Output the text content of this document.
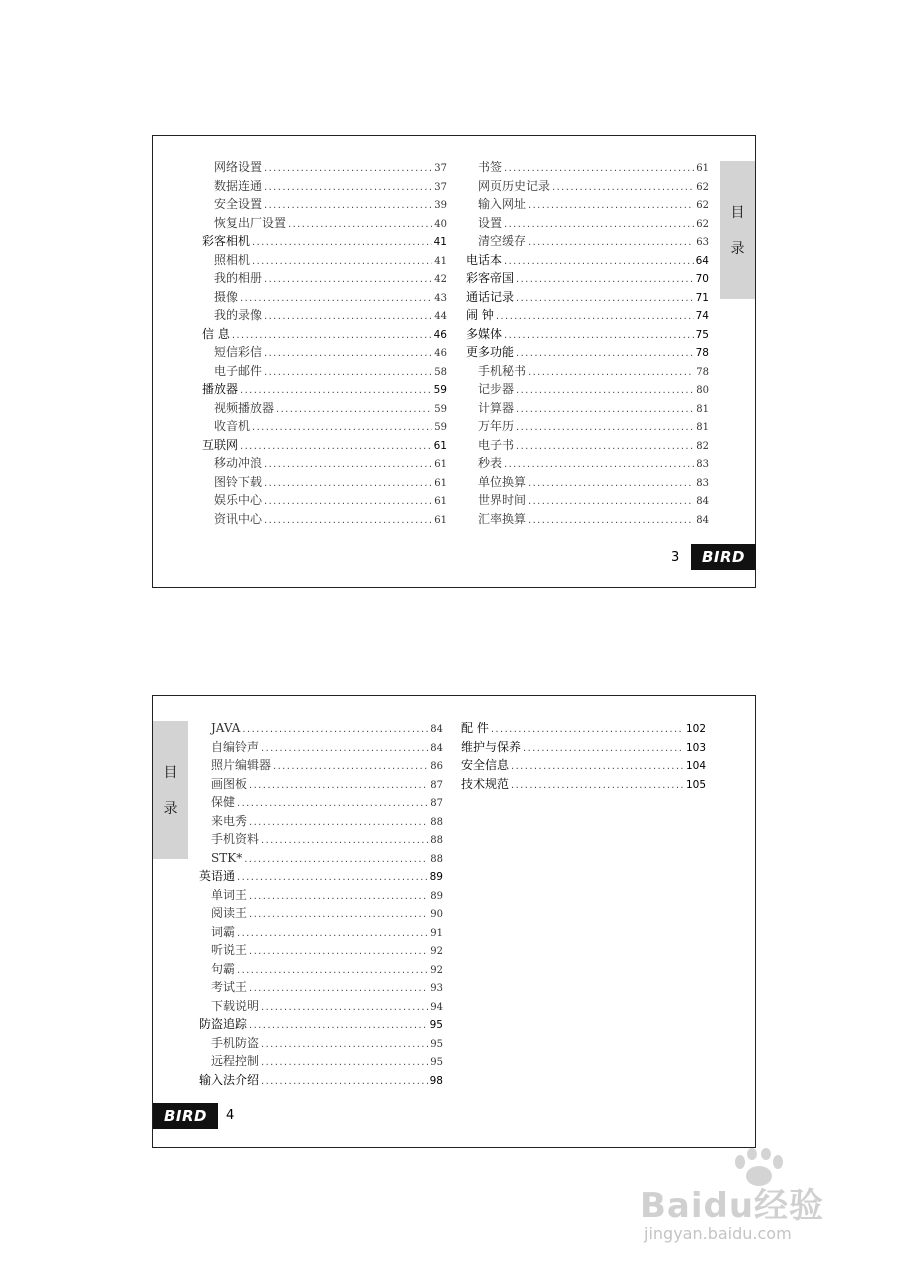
网络设置 .....	37
数据连通 .....	37
安全设置 .....	39
恢复出厂设置 .....	40
彩客相机 .....	41
照相机 .....	41
我的相册 .....	42
摄像 .....	43
我的录像 .....	44
信 息 .....	46
短信彩信 .....	46
电子邮件 .....	58
播放器 .....	59
视频播放器 .....	59
收音机 .....	59
互联网 .....	61
移动冲浪 .....	61
图铃下载 .....	61
娱乐中心 .....	61
资讯中心 .....	61
书签 .....	61
网页历史记录 .....	62
输入网址 .....	62
设置 .....	62
清空缓存 .....	63
电话本 .....	64
彩客帝国 .....	70
通话记录 .....	71
闹 钟 .....	74
多媒体 .....	75
更多功能 .....	78
手机秘书 .....	78
记步器 .....	80
计算器 .....	81
万年历 .....	81
电子书 .....	82
秒表 .....	83
单位换算 .....	83
世界时间 .....	84
汇率换算 .....	84
目
录
3	BIRD
目
录
JAVA .....	84
自编铃声 .....	84
照片编辑器 .....	86
画图板 .....	87
保健 .....	87
来电秀 .....	88
手机资料 .....	88
STK* .....	88
英语通 .....	89
单词王 .....	89
阅读王 .....	90
词霸 .....	91
听说王 .....	92
句霸 .....	92
考试王 .....	93
下载说明 .....	94
防盗追踪 .....	95
手机防盗 .....	95
远程控制 .....	95
输入法介绍 .....	98
配 件 .....	102
维护与保养 .....	103
安全信息 .....	104
技术规范 .....	105
BIRD	4
Baidu经验
jingyan.baidu.com
